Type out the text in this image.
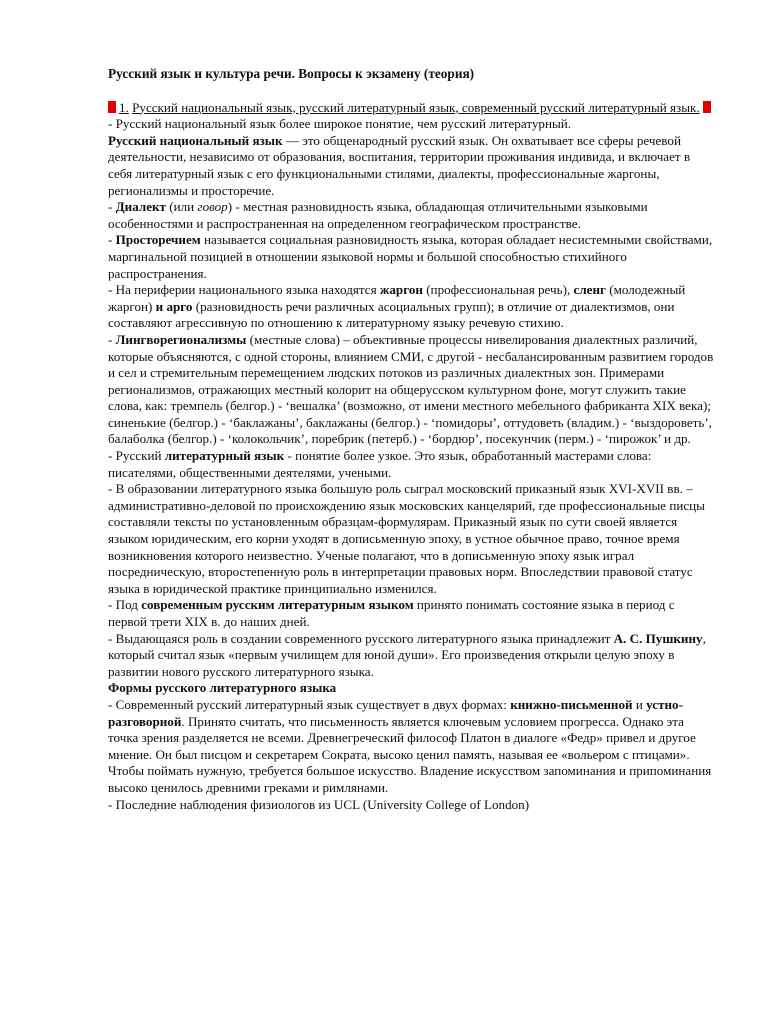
Русский язык и культура речи. Вопросы к экзамену (теория)

1. Русский национальный язык, русский литературный язык, современный русский литературный язык.

- Русский национальный язык более широкое понятие, чем русский литературный.

Русский национальный язык — это общенародный русский язык. Он охватывает все сферы речевой деятельности, независимо от образования, воспитания, территории проживания индивида, и включает в себя литературный язык с его функциональными стилями, диалекты, профессиональные жаргоны, регионализмы и просторечие.

- Диалект (или говор) - местная разновидность языка, обладающая отличительными языковыми особенностями и распространенная на определенном географическом пространстве.

- Просторечием называется социальная разновидность языка, которая обладает несистемными свойствами, маргинальной позицией в отношении языковой нормы и большой способностью стихийного распространения.

- На периферии национального языка находятся жаргон (профессиональная речь), сленг (молодежный жаргон) и арго (разновидность речи различных асоциальных групп); в отличие от диалектизмов, они составляют агрессивную по отношению к литературному языку речевую стихию.

- Лингворегионализмы (местные слова) – объективные процессы нивелирования диалектных различий, которые объясняются, с одной стороны, влиянием СМИ, с другой - несбалансированным развитием городов и сел и стремительным перемещением людских потоков из различных диалектных зон. Примерами регионализмов, отражающих местный колорит на общерусском культурном фоне, могут служить такие слова, как: тремпель (белгор.) - ‘вешалка’ (возможно, от имени местного мебельного фабриканта XIX века); синенькие (белгор.) - ‘баклажаны’, баклажаны (белгор.) - ‘помидоры’, оттудоветь (владим.) - ‘выздороветь’, балаболка (белгор.) - ‘колокольчик’, поребрик (петерб.) - ‘бордюр’, посекунчик (перм.) - ‘пирожок’ и др.

- Русский литературный язык - понятие более узкое. Это язык, обработанный мастерами слова: писателями, общественными деятелями, учеными.

- В образовании литературного языка большую роль сыграл московский приказный язык XVI-XVII вв. – административно-деловой по происхождению язык московских канцелярий, где профессиональные писцы составляли тексты по установленным образцам-формулярам. Приказный язык по сути своей является языком юридическим, его корни уходят в дописьменную эпоху, в устное обычное право, точное время возникновения которого неизвестно. Ученые полагают, что в дописьменную эпоху язык играл посредническую, второстепенную роль в интерпретации правовых норм. Впоследствии правовой статус языка в юридической практике принципиально изменился.

- Под современным русским литературным языком принято понимать состояние языка в период с первой трети XIX в. до наших дней.

- Выдающаяся роль в создании современного русского литературного языка принадлежит А. С. Пушкину, который считал язык «первым училищем для юной души». Его произведения открыли целую эпоху в развитии нового русского литературного языка.

Формы русского литературного языка

- Современный русский литературный язык существует в двух формах: книжно-письменной и устно-разговорной. Принято считать, что письменность является ключевым условием прогресса. Однако эта точка зрения разделяется не всеми. Древнегреческий философ Платон в диалоге «Федр» привел и другое мнение. Он был писцом и секретарем Сократа, высоко ценил память, называя ее «вольером с птицами». Чтобы поймать нужную, требуется большое искусство. Владение искусством запоминания и припоминания высоко ценилось древними греками и римлянами.

- Последние наблюдения физиологов из UCL (University College of London)
